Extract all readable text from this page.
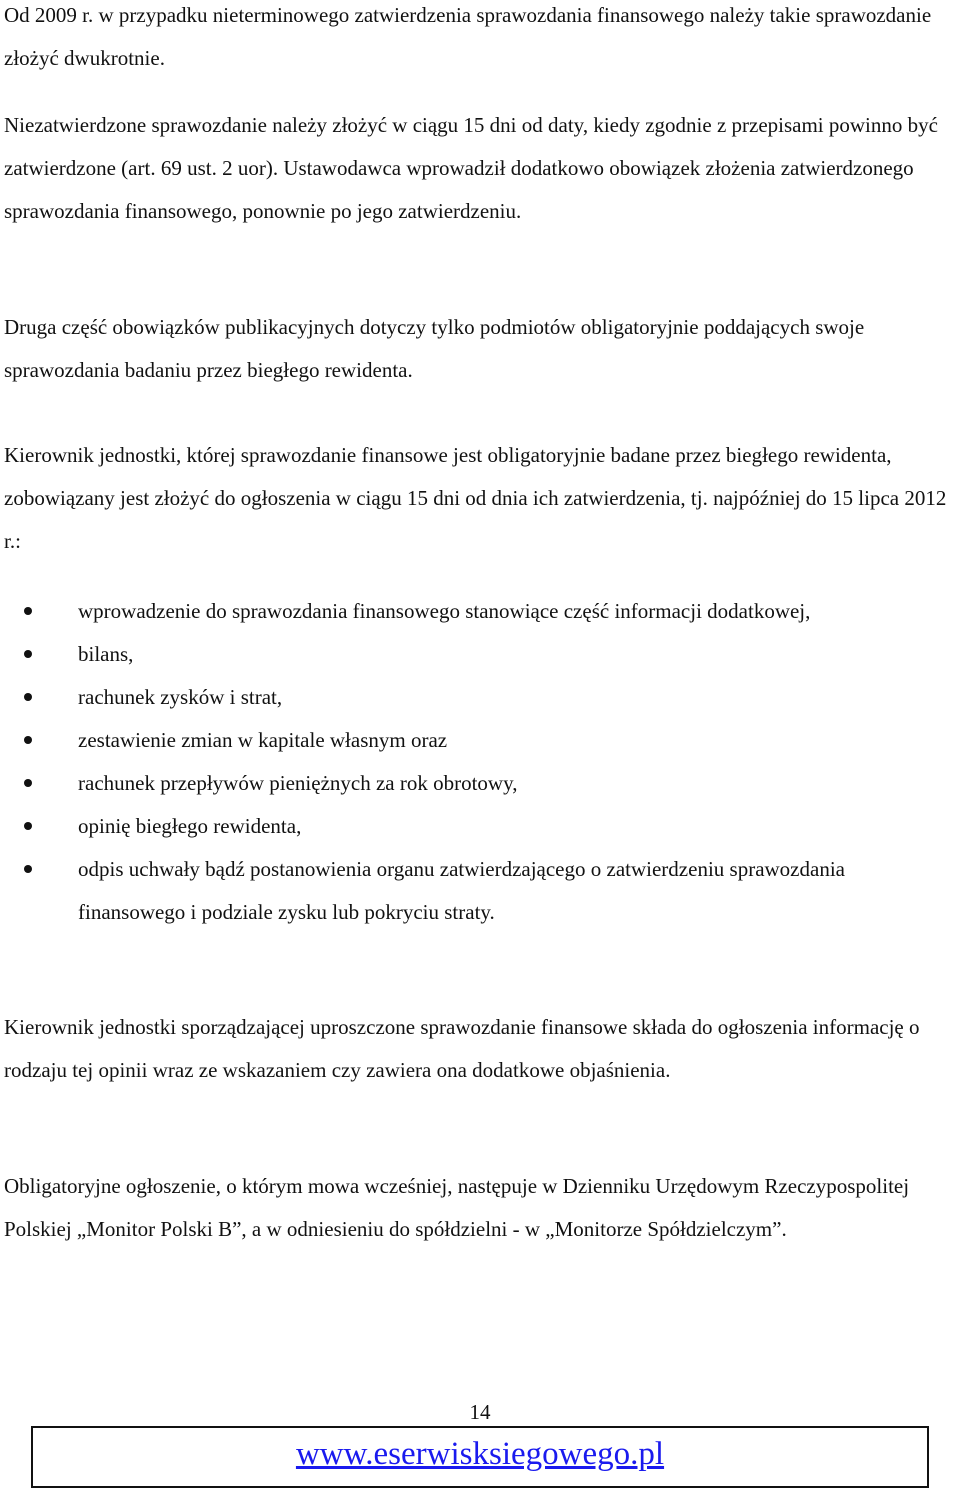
Od 2009 r. w przypadku nieterminowego zatwierdzenia sprawozdania finansowego należy takie sprawozdanie złożyć dwukrotnie.

Niezatwierdzone sprawozdanie należy złożyć w ciągu 15 dni od daty, kiedy zgodnie z przepisami powinno być zatwierdzone (art. 69 ust. 2 uor). Ustawodawca wprowadził dodatkowo obowiązek złożenia zatwierdzonego sprawozdania finansowego, ponownie po jego zatwierdzeniu.

Druga część obowiązków publikacyjnych dotyczy tylko podmiotów obligatoryjnie poddających swoje sprawozdania badaniu przez biegłego rewidenta.

Kierownik jednostki, której sprawozdanie finansowe jest obligatoryjnie badane przez biegłego rewidenta, zobowiązany jest złożyć do ogłoszenia w ciągu 15 dni od dnia ich zatwierdzenia, tj. najpóźniej do 15 lipca 2012 r.:

wprowadzenie do sprawozdania finansowego stanowiące część informacji dodatkowej,
bilans,
rachunek zysków i strat,
zestawienie zmian w kapitale własnym oraz
rachunek przepływów pieniężnych za rok obrotowy,
opinię biegłego rewidenta,
odpis uchwały bądź postanowienia organu zatwierdzającego o zatwierdzeniu sprawozdania finansowego i podziale zysku lub pokryciu straty.

Kierownik jednostki sporządzającej uproszczone sprawozdanie finansowe składa do ogłoszenia informację o rodzaju tej opinii wraz ze wskazaniem czy zawiera ona dodatkowe objaśnienia.

Obligatoryjne ogłoszenie, o którym mowa wcześniej, następuje w Dzienniku Urzędowym Rzeczypospolitej Polskiej „Monitor Polski B”, a w odniesieniu do spółdzielni - w „Monitorze Spółdzielczym”.

14
www.eserwisksiegowego.pl
